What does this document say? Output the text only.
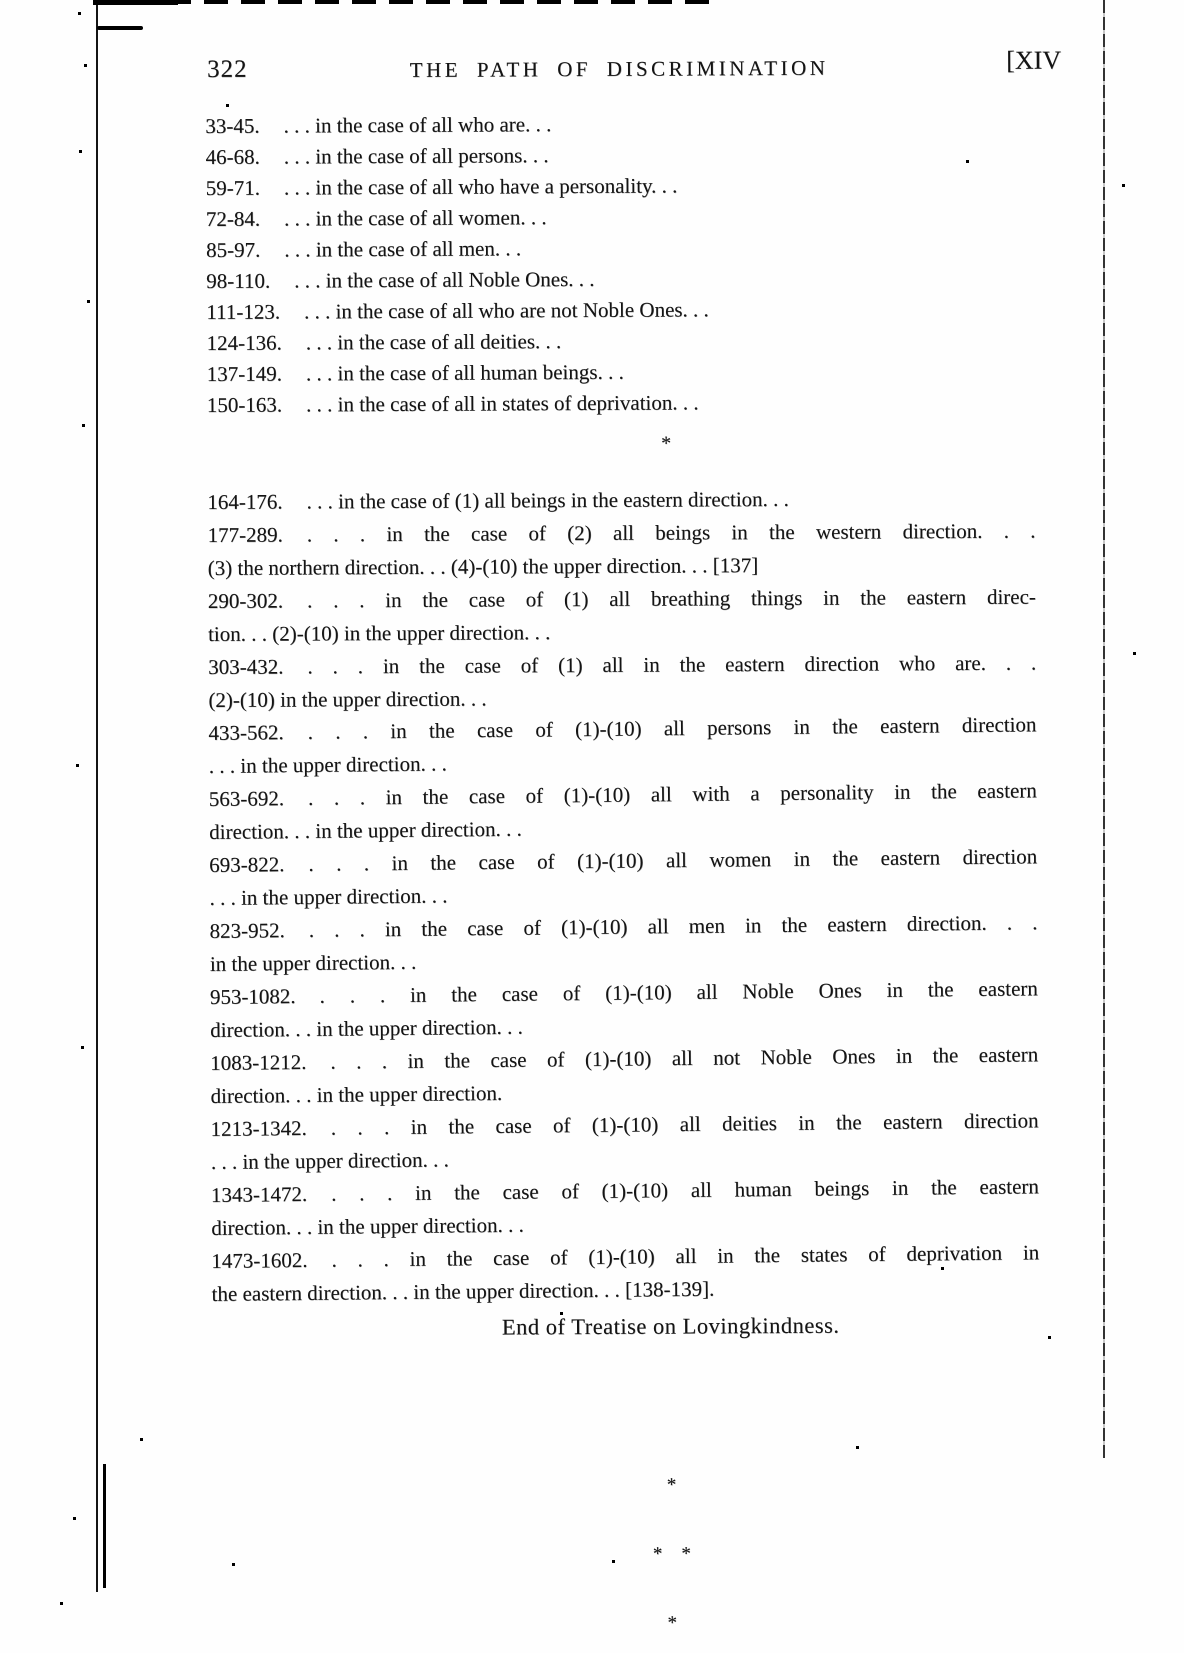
322	THE PATH OF DISCRIMINATION	[XIV
33-45. . . . in the case of all who are. . .
46-68. . . . in the case of all persons. . .
59-71. . . . in the case of all who have a personality. . .
72-84. . . . in the case of all women. . .
85-97. . . . in the case of all men. . .
98-110. . . . in the case of all Noble Ones. . .
111-123. . . . in the case of all who are not Noble Ones. . .
124-136. . . . in the case of all deities. . .
137-149. . . . in the case of all human beings. . .
150-163. . . . in the case of all in states of deprivation. . .
*
164-176. . . . in the case of (1) all beings in the eastern direction. . .
177-289. . . . in the case of (2) all beings in the western direction. . .
(3) the northern direction. . . (4)-(10) the upper direction. . . [137]
290-302. . . . in the case of (1) all breathing things in the eastern direc-
tion. . . (2)-(10) in the upper direction. . .
303-432. . . . in the case of (1) all in the eastern direction who are. . .
(2)-(10) in the upper direction. . .
433-562. . . . in the case of (1)-(10) all persons in the eastern direction
. . . in the upper direction. . .
563-692. . . . in the case of (1)-(10) all with a personality in the eastern
direction. . . in the upper direction. . .
693-822. . . . in the case of (1)-(10) all women in the eastern direction
. . . in the upper direction. . .
823-952. . . . in the case of (1)-(10) all men in the eastern direction. . .
in the upper direction. . .
953-1082. . . . in the case of (1)-(10) all Noble Ones in the eastern
direction. . . in the upper direction. . .
1083-1212. . . . in the case of (1)-(10) all not Noble Ones in the eastern
direction. . . in the upper direction.
1213-1342. . . . in the case of (1)-(10) all deities in the eastern direction
. . . in the upper direction. . .
1343-1472. . . . in the case of (1)-(10) all human beings in the eastern
direction. . . in the upper direction. . .
1473-1602. . . . in the case of (1)-(10) all in the states of deprivation in
the eastern direction. . . in the upper direction. . . [138-139].
End of Treatise on Lovingkindness.

*

*    *

*
